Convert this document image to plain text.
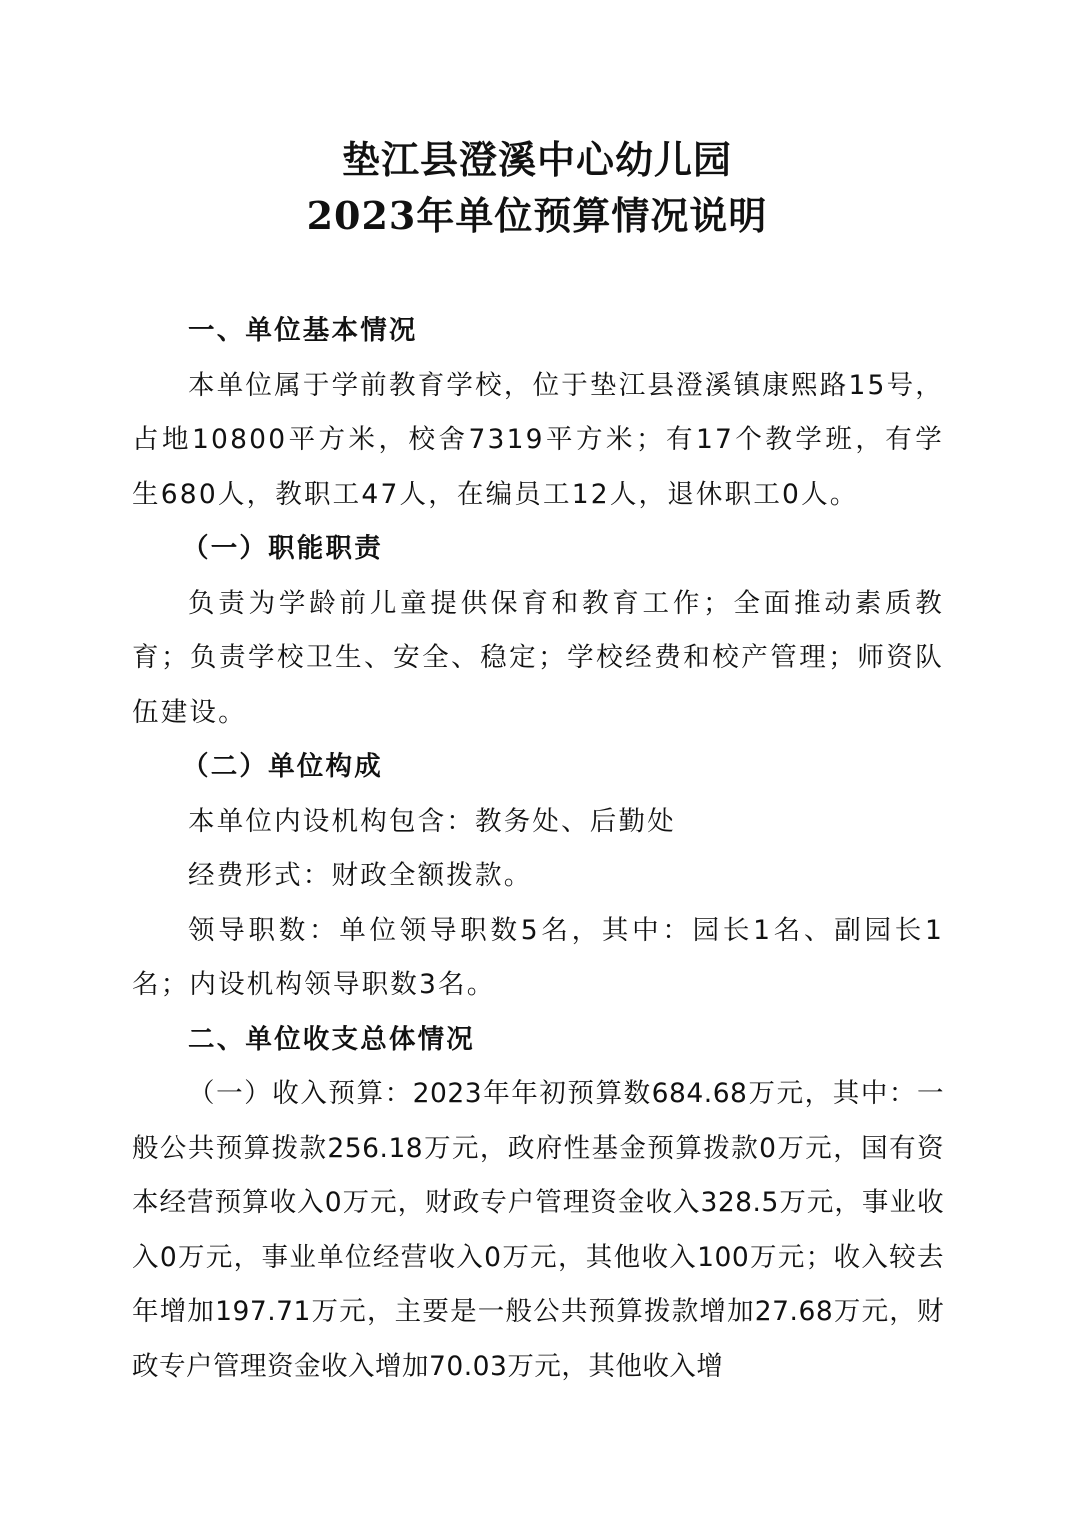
垫江县澄溪中心幼儿园
2023年单位预算情况说明

一、单位基本情况

本单位属于学前教育学校，位于垫江县澄溪镇康熙路15号，占地10800平方米，校舍7319平方米；有17个教学班，有学生680人，教职工47人，在编员工12人，退休职工0人。

（一）职能职责

负责为学龄前儿童提供保育和教育工作；全面推动素质教育；负责学校卫生、安全、稳定；学校经费和校产管理；师资队伍建设。

（二）单位构成

本单位内设机构包含：教务处、后勤处

经费形式：财政全额拨款。

领导职数：单位领导职数5名，其中：园长1名、副园长1名；内设机构领导职数3名。

二、单位收支总体情况

（一）收入预算：2023年年初预算数684.68万元，其中：一般公共预算拨款256.18万元，政府性基金预算拨款0万元，国有资本经营预算收入0万元，财政专户管理资金收入328.5万元，事业收入0万元，事业单位经营收入0万元，其他收入100万元；收入较去年增加197.71万元，主要是一般公共预算拨款增加27.68万元，财政专户管理资金收入增加70.03万元，其他收入增
